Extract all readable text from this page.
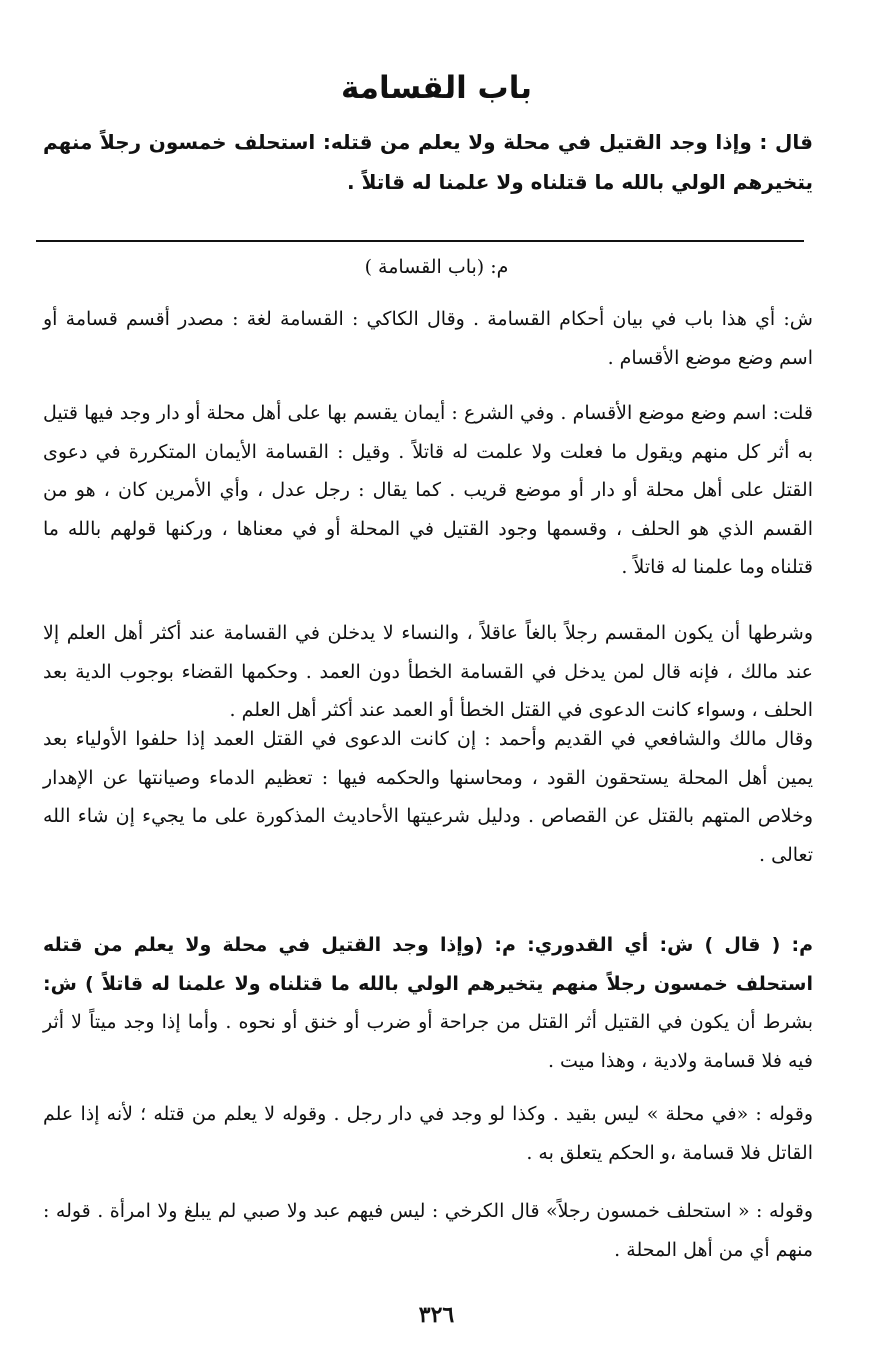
باب القسامة
قال : وإذا وجد القتيل في محلة ولا يعلم من قتله: استحلف خمسون رجلاً منهم يتخيرهم الولي بالله ما قتلناه ولا علمنا له قاتلاً .
م: (باب القسامة )
ش: أي هذا باب في بيان أحكام القسامة . وقال الكاكي : القسامة لغة : مصدر أقسم قسامة أو اسم وضع موضع الأقسام .
قلت: اسم وضع موضع الأقسام . وفي الشرع : أيمان يقسم بها على أهل محلة أو دار وجد فيها قتيل به أثر كل منهم ويقول ما فعلت ولا علمت له قاتلاً . وقيل : القسامة الأيمان المتكررة في دعوى القتل على أهل محلة أو دار أو موضع قريب . كما يقال : رجل عدل ، وأي الأمرين كان ، هو من القسم الذي هو الحلف ، وقسمها وجود القتيل في المحلة أو في معناها ، وركنها قولهم بالله ما قتلناه وما علمنا له قاتلاً .
وشرطها أن يكون المقسم رجلاً بالغاً عاقلاً ، والنساء لا يدخلن في القسامة عند أكثر أهل العلم إلا عند مالك ، فإنه قال لمن يدخل في القسامة الخطأ دون العمد . وحكمها القضاء بوجوب الدية بعد الحلف ، وسواء كانت الدعوى في القتل الخطأ أو العمد عند أكثر أهل العلم .
وقال مالك والشافعي في القديم وأحمد : إن كانت الدعوى في القتل العمد إذا حلفوا الأولياء بعد يمين أهل المحلة يستحقون القود ، ومحاسنها والحكمه فيها : تعظيم الدماء وصيانتها عن الإهدار وخلاص المتهم بالقتل عن القصاص . ودليل شرعيتها الأحاديث المذكورة على ما يجيء إن شاء الله تعالى .
م: ( قال ) ش: أي القدوري: م: (وإذا وجد القتيل في محلة ولا يعلم من قتله استحلف خمسون رجلاً منهم يتخيرهم الولي بالله ما قتلناه ولا علمنا له قاتلاً ) ش: بشرط أن يكون في القتيل أثر القتل من جراحة أو ضرب أو خنق أو نحوه . وأما إذا وجد ميتاً لا أثر فيه فلا قسامة ولادية ، وهذا ميت .
وقوله : «في محلة » ليس بقيد . وكذا لو وجد في دار رجل . وقوله لا يعلم من قتله ؛ لأنه إذا علم القاتل فلا قسامة ،و الحكم يتعلق به .
وقوله : « استحلف خمسون رجلاً» قال الكرخي : ليس فيهم عبد ولا صبي لم يبلغ ولا امرأة . قوله : منهم أي من أهل المحلة .
٣٢٦
